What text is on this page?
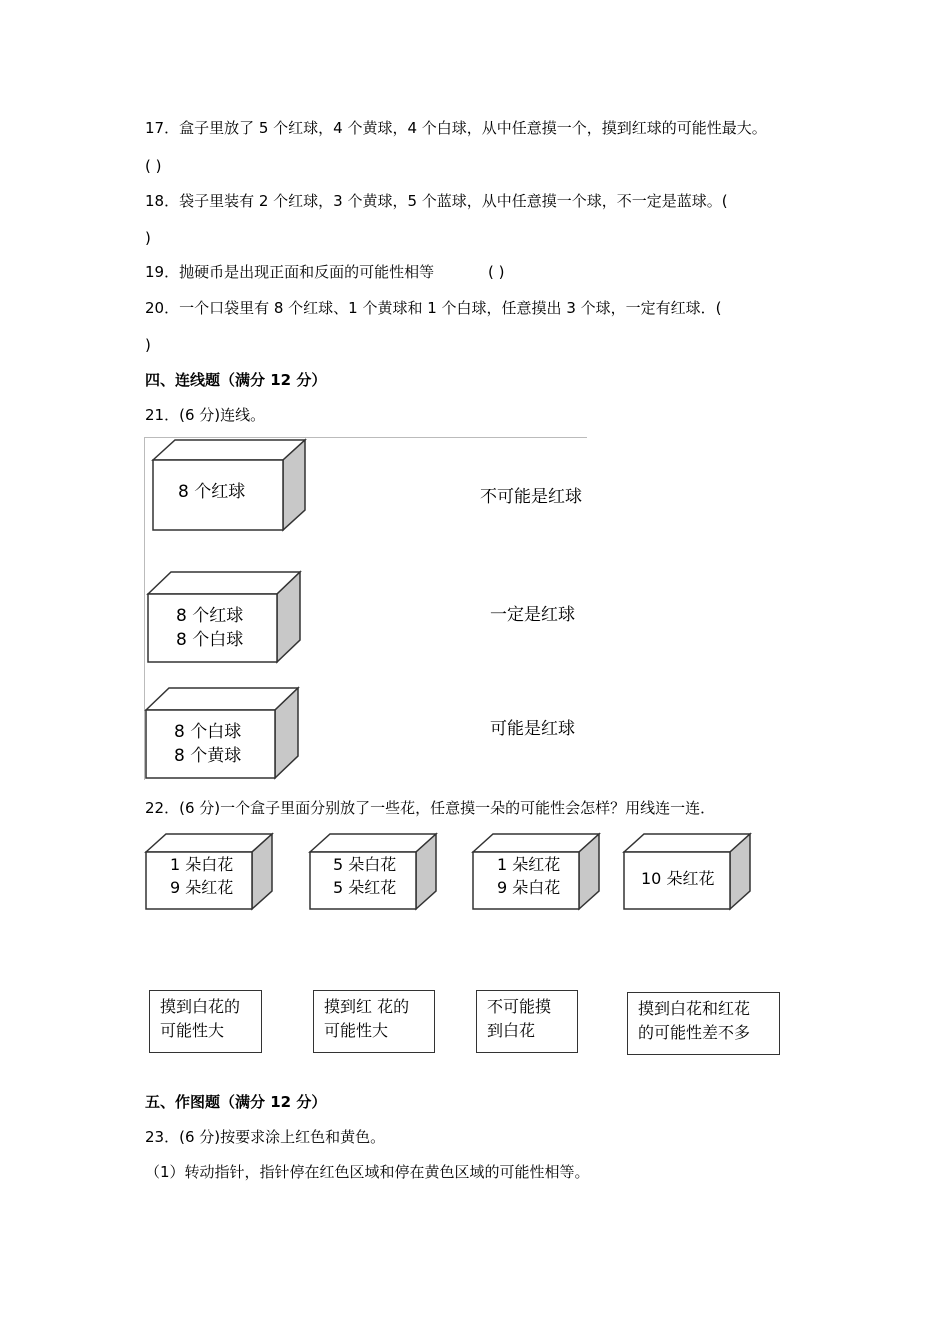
17．盒子里放了 5 个红球，4 个黄球，4 个白球，从中任意摸一个，摸到红球的可能性最大。
( )
18．袋子里装有 2 个红球，3 个黄球，5 个蓝球，从中任意摸一个球，不一定是蓝球。(
)
19．抛硬币是出现正面和反面的可能性相等	( )
20．一个口袋里有 8 个红球、1 个黄球和 1 个白球，任意摸出 3 个球，一定有红球．(
)
四、连线题（满分 12 分）
21．(6 分)连线。
8 个红球
8 个红球
8 个白球
8 个白球
8 个黄球
不可能是红球
一定是红球
可能是红球
22．(6 分)一个盒子里面分别放了一些花，任意摸一朵的可能性会怎样？用线连一连．
1 朵白花
9 朵红花
5 朵白花
5 朵红花
1 朵红花
9 朵白花	10 朵红花
摸到白花的
可能性大
摸到红 花的
可能性大
不可能摸
到白花
摸到白花和红花
的可能性差不多
五、作图题（满分 12 分）
23．(6 分)按要求涂上红色和黄色。
（1）转动指针，指针停在红色区域和停在黄色区域的可能性相等。
